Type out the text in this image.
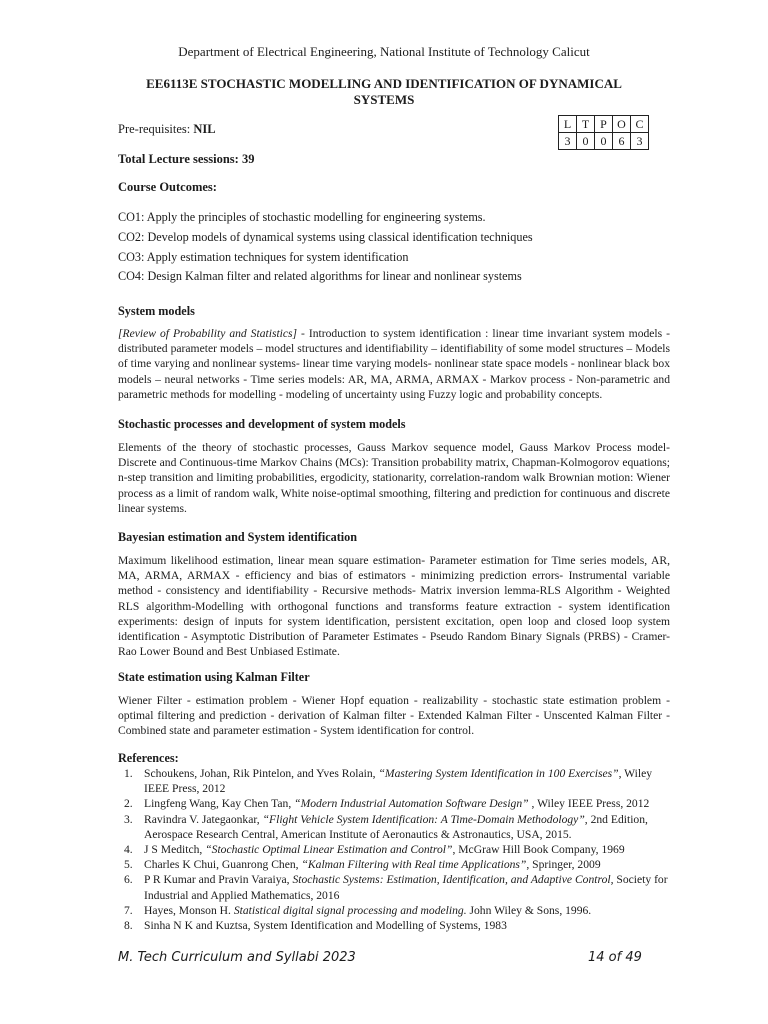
Department of Electrical Engineering, National Institute of Technology Calicut
EE6113E STOCHASTIC MODELLING AND IDENTIFICATION OF DYNAMICAL SYSTEMS
Pre-requisites: NIL	L	T	P	O	C
3	0	0	6	3
Total Lecture sessions: 39
Course Outcomes:
CO1: Apply the principles of stochastic modelling for engineering systems.
CO2: Develop models of dynamical systems using classical identification techniques
CO3: Apply estimation techniques for system identification
CO4: Design Kalman filter and related algorithms for linear and nonlinear systems
System models
[Review of Probability and Statistics] - Introduction to system identification : linear time invariant system models - distributed parameter models – model structures and identifiability – identifiability of some model structures – Models of time varying and nonlinear systems- linear time varying models- nonlinear state space models - nonlinear black box models – neural networks - Time series models: AR, MA, ARMA, ARMAX - Markov process - Non-parametric and parametric methods for modelling - modeling of uncertainty using Fuzzy logic and probability concepts.
Stochastic processes and development of system models
Elements of the theory of stochastic processes, Gauss Markov sequence model, Gauss Markov Process model- Discrete and Continuous-time Markov Chains (MCs): Transition probability matrix, Chapman-Kolmogorov equations; n-step transition and limiting probabilities, ergodicity, stationarity, correlation-random walk Brownian motion: Wiener process as a limit of random walk, White noise-optimal smoothing, filtering and prediction for continuous and discrete linear systems.
Bayesian estimation and System identification
Maximum likelihood estimation, linear mean square estimation- Parameter estimation for Time series models, AR, MA, ARMA, ARMAX - efficiency and bias of estimators - minimizing prediction errors- Instrumental variable method - consistency and identifiability - Recursive methods- Matrix inversion lemma-RLS Algorithm - Weighted RLS algorithm-Modelling with orthogonal functions and transforms feature extraction - system identification experiments: design of inputs for system identification, persistent excitation, open loop and closed loop system identification - Asymptotic Distribution of Parameter Estimates - Pseudo Random Binary Signals (PRBS) - Cramer-Rao Lower Bound and Best Unbiased Estimate.
State estimation using Kalman Filter
Wiener Filter - estimation problem - Wiener Hopf equation - realizability - stochastic state estimation problem - optimal filtering and prediction - derivation of Kalman filter - Extended Kalman Filter - Unscented Kalman Filter - Combined state and parameter estimation - System identification for control.
References:
1. Schoukens, Johan, Rik Pintelon, and Yves Rolain, “Mastering System Identification in 100 Exercises”, Wiley IEEE Press, 2012
2. Lingfeng Wang, Kay Chen Tan, “Modern Industrial Automation Software Design” , Wiley IEEE Press, 2012
3. Ravindra V. Jategaonkar, “Flight Vehicle System Identification: A Time-Domain Methodology”, 2nd Edition, Aerospace Research Central, American Institute of Aeronautics & Astronautics, USA, 2015.
4. J S Meditch, “Stochastic Optimal Linear Estimation and Control”, McGraw Hill Book Company, 1969
5. Charles K Chui, Guanrong Chen, “Kalman Filtering with Real time Applications”, Springer, 2009
6. P R Kumar and Pravin Varaiya, Stochastic Systems: Estimation, Identification, and Adaptive Control, Society for Industrial and Applied Mathematics, 2016
7. Hayes, Monson H. Statistical digital signal processing and modeling. John Wiley & Sons, 1996.
8. Sinha N K and Kuztsa, System Identification and Modelling of Systems, 1983
M. Tech Curriculum and Syllabi 2023	14 of 49
